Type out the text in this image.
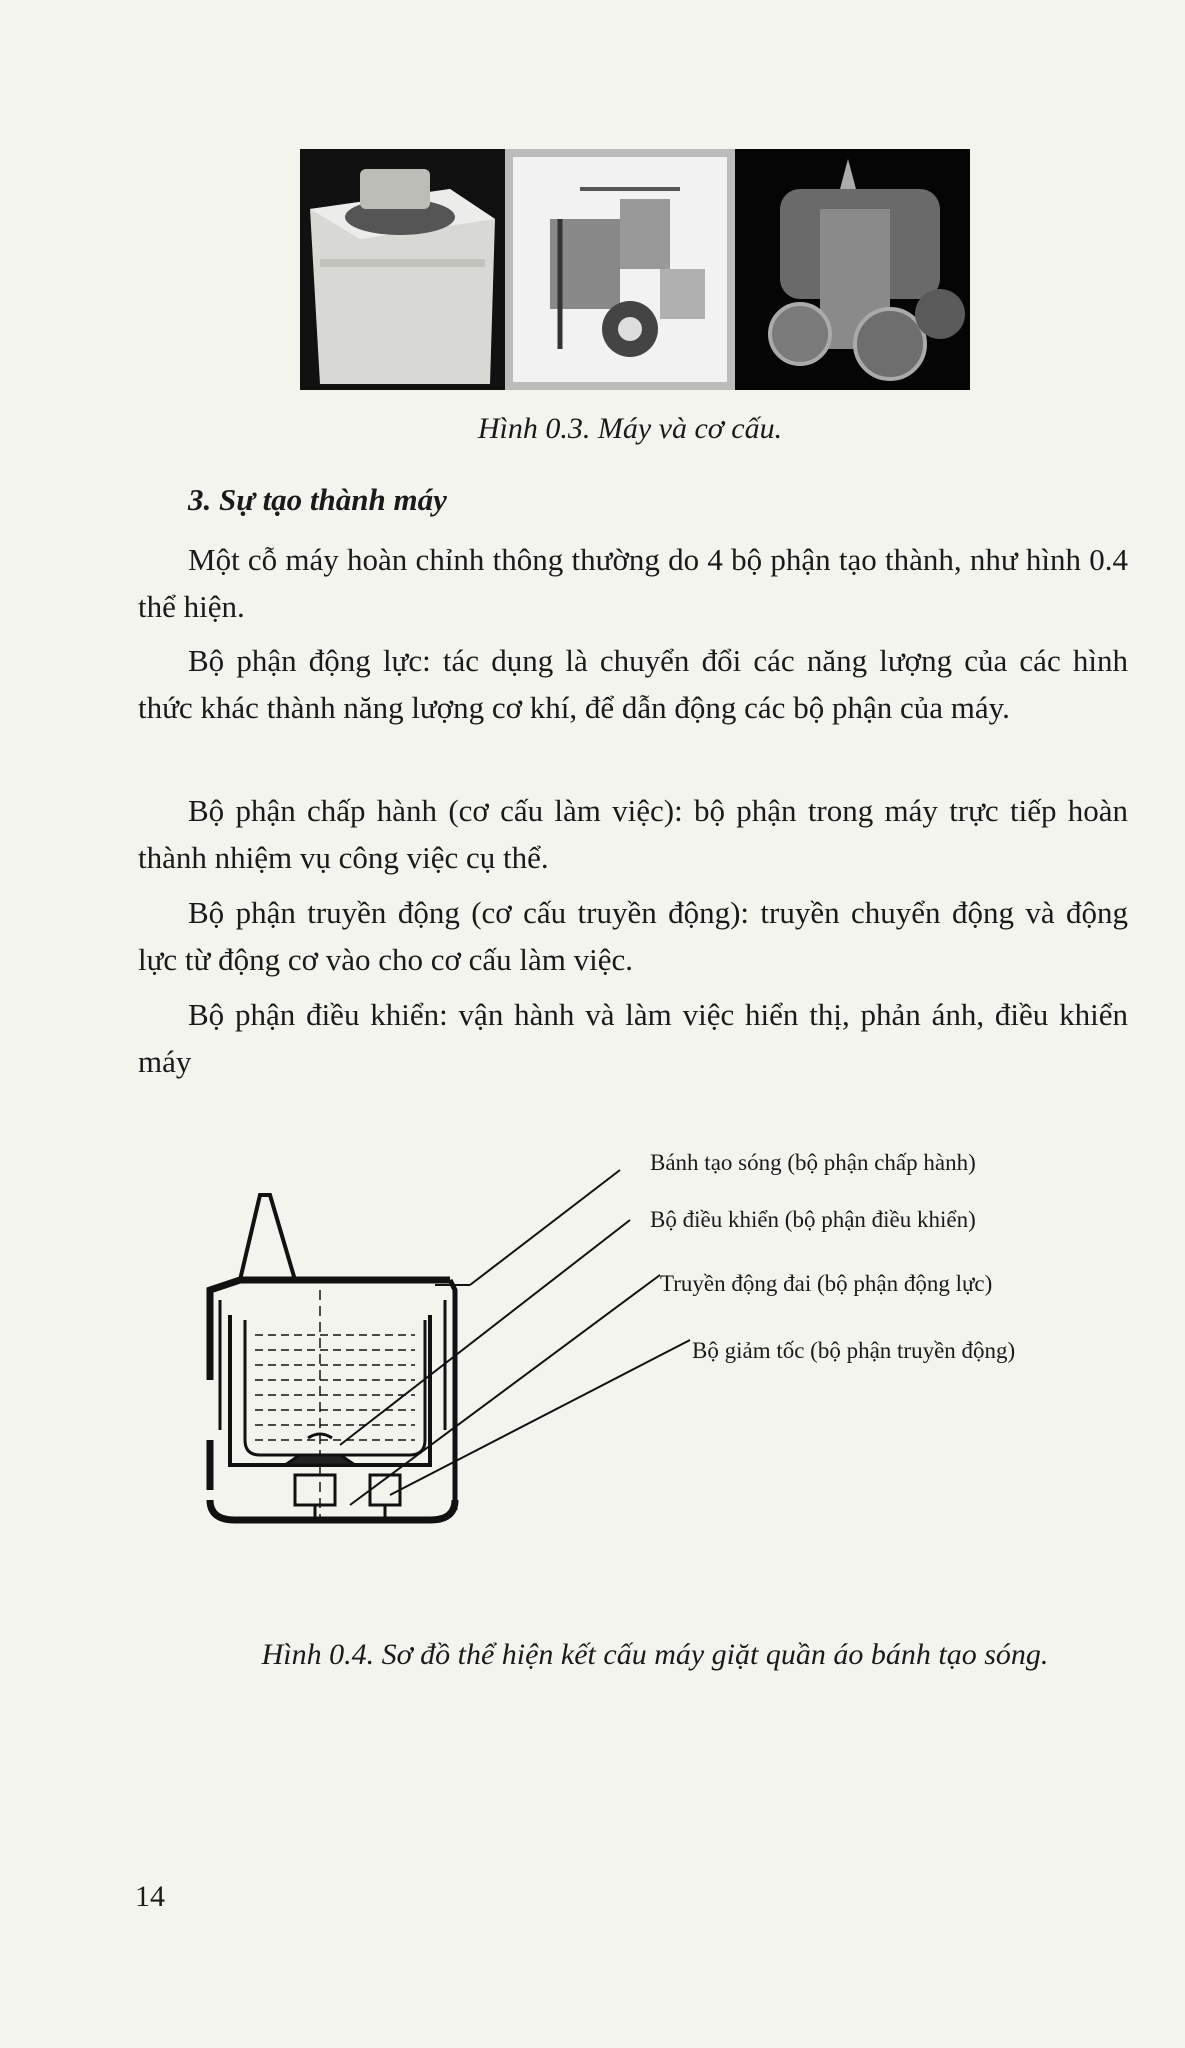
Hình 0.3. Máy và cơ cấu.
3. Sự tạo thành máy

Một cỗ máy hoàn chỉnh thông thường do 4 bộ phận tạo thành, như hình 0.4 thể hiện.

Bộ phận động lực: tác dụng là chuyển đổi các năng lượng của các hình thức khác thành năng lượng cơ khí, để dẫn động các bộ phận của máy.

Bộ phận chấp hành (cơ cấu làm việc): bộ phận trong máy trực tiếp hoàn thành nhiệm vụ công việc cụ thể.

Bộ phận truyền động (cơ cấu truyền động): truyền chuyển động và động lực từ động cơ vào cho cơ cấu làm việc.

Bộ phận điều khiển: vận hành và làm việc hiển thị, phản ánh, điều khiển máy

Bánh tạo sóng (bộ phận chấp hành)
Bộ điều khiển (bộ phận điều khiển)
Truyền động đai (bộ phận động lực)
Bộ giảm tốc (bộ phận truyền động)
Hình 0.4. Sơ đồ thể hiện kết cấu máy giặt quần áo bánh tạo sóng.
14
